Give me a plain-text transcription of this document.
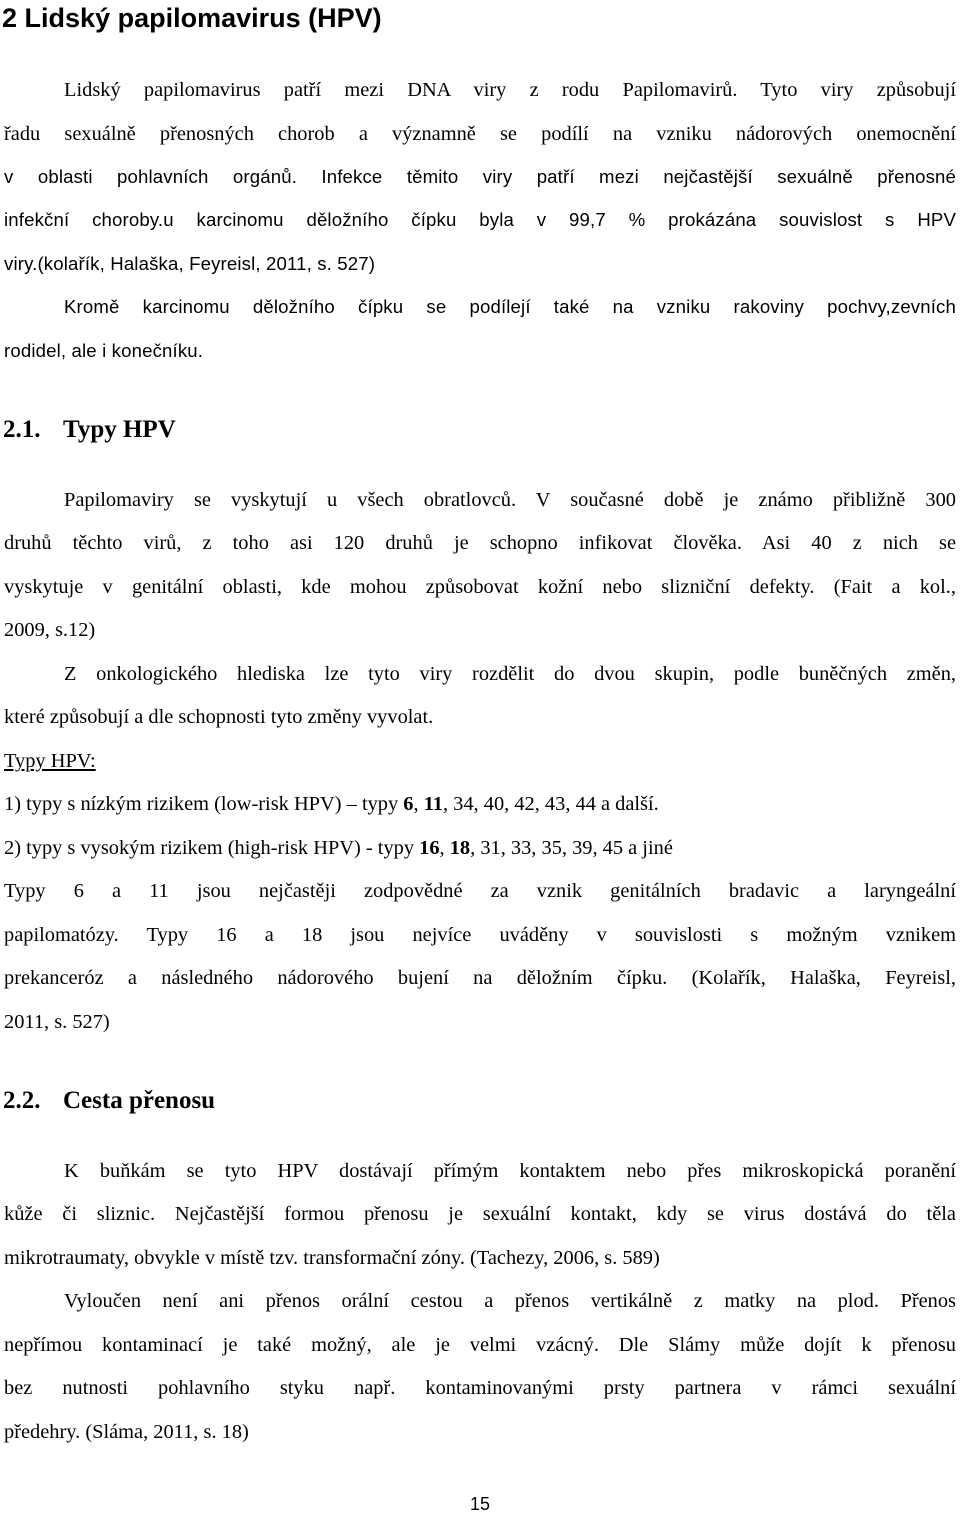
2 Lidský papilomavirus (HPV)
Lidský papilomavirus patří mezi DNA viry z rodu Papilomavirů. Tyto viry způsobují
řadu sexuálně přenosných chorob a významně se podílí na vzniku nádorových onemocnění
v oblasti pohlavních orgánů. Infekce těmito viry patří mezi nejčastější sexuálně přenosné
infekční choroby.u karcinomu děložního čípku byla v 99,7 % prokázána souvislost s HPV
viry.(kolařík, Halaška, Feyreisl, 2011, s. 527)
Kromě karcinomu děložního čípku se podílejí také na vzniku rakoviny pochvy,zevních
rodidel, ale i konečníku.
2.1. Typy HPV
Papilomaviry se vyskytují u všech obratlovců. V současné době je známo přibližně 300
druhů těchto virů, z toho asi 120 druhů je schopno infikovat člověka. Asi 40 z nich se
vyskytuje v genitální oblasti, kde mohou způsobovat kožní nebo slizniční defekty. (Fait a kol.,
2009, s.12)
Z onkologického hlediska lze tyto viry rozdělit do dvou skupin, podle buněčných změn,
které způsobují a dle schopnosti tyto změny vyvolat.
Typy HPV:
1) typy s nízkým rizikem (low-risk HPV) – typy 6, 11, 34, 40, 42, 43, 44 a další.
2) typy s vysokým rizikem (high-risk HPV) - typy 16, 18, 31, 33, 35, 39, 45 a jiné
Typy 6 a 11 jsou nejčastěji zodpovědné za vznik genitálních bradavic a laryngeální
papilomatózy. Typy 16 a 18 jsou nejvíce uváděny v souvislosti s možným vznikem
prekanceróz a následného nádorového bujení na děložním čípku. (Kolařík, Halaška, Feyreisl,
2011, s. 527)
2.2. Cesta přenosu
K buňkám se tyto HPV dostávají přímým kontaktem nebo přes mikroskopická poranění
kůže či sliznic. Nejčastější formou přenosu je sexuální kontakt, kdy se virus dostává do těla
mikrotraumaty, obvykle v místě tzv. transformační zóny. (Tachezy, 2006, s. 589)
Vyloučen není ani přenos orální cestou a přenos vertikálně z matky na plod. Přenos
nepřímou kontaminací je také možný, ale je velmi vzácný. Dle Slámy může dojít k přenosu
bez nutnosti pohlavního styku např. kontaminovanými prsty partnera v rámci sexuální
předehry. (Sláma, 2011, s. 18)
15
